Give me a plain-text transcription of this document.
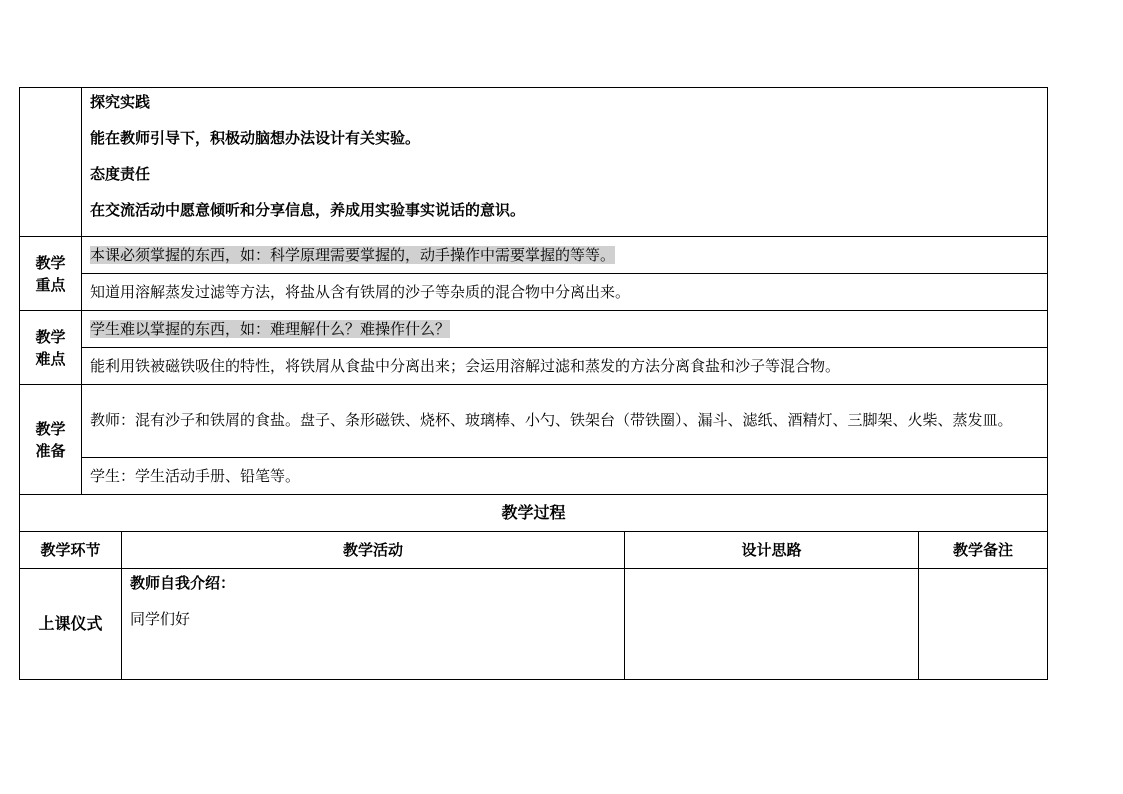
	探究实践

能在教师引导下，积极动脑想办法设计有关实验。

态度责任

在交流活动中愿意倾听和分享信息，养成用实验事实说话的意识。			

教学
重点	本课必须掌握的东西，如：科学原理需要掌握的，动手操作中需要掌握的等等。			
	知道用溶解蒸发过滤等方法，将盐从含有铁屑的沙子等杂质的混合物中分离出来。			

教学
难点	学生难以掌握的东西，如：难理解什么？难操作什么？			
	能利用铁被磁铁吸住的特性，将铁屑从食盐中分离出来；会运用溶解过滤和蒸发的方法分离食盐和沙子等混合物。			

教学
准备	教师：混有沙子和铁屑的食盐。盘子、条形磁铁、烧杯、玻璃棒、小勺、铁架台（带铁圈）、漏斗、滤纸、酒精灯、三脚架、火柴、蒸发皿。			
	学生：学生活动手册、铅笔等。			
教学过程				
教学环节		教学活动	设计思路	教学备注
上课仪式		教师自我介绍：

同学们好		
